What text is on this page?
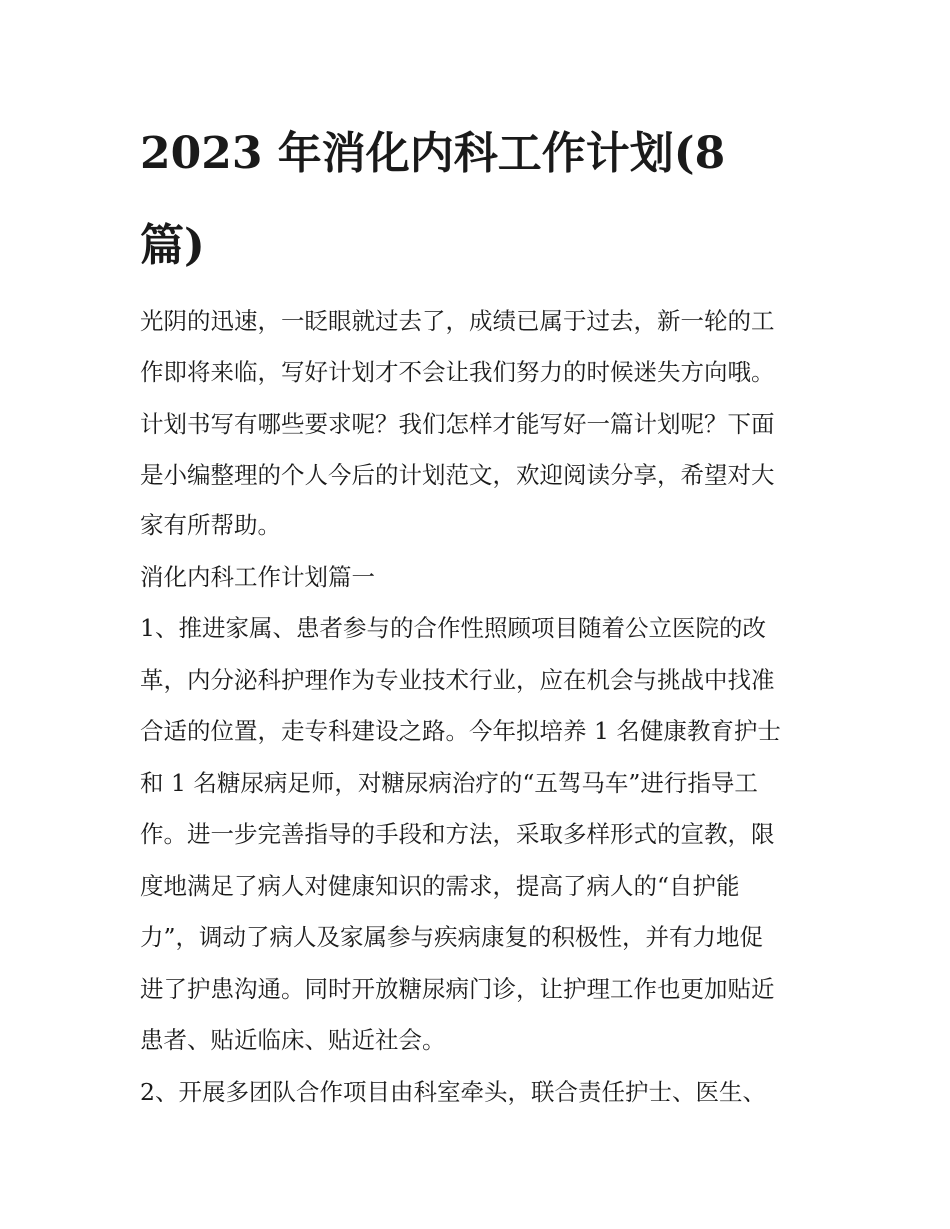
2023 年消化内科工作计划(8
篇)

光阴的迅速，一眨眼就过去了，成绩已属于过去，新一轮的工

作即将来临，写好计划才不会让我们努力的时候迷失方向哦。

计划书写有哪些要求呢？我们怎样才能写好一篇计划呢？下面

是小编整理的个人今后的计划范文，欢迎阅读分享，希望对大

家有所帮助。

消化内科工作计划篇一

1、推进家属、患者参与的合作性照顾项目随着公立医院的改

革，内分泌科护理作为专业技术行业，应在机会与挑战中找准

合适的位置，走专科建设之路。今年拟培养 1 名健康教育护士

和 1 名糖尿病足师，对糖尿病治疗的“五驾马车”进行指导工

作。进一步完善指导的手段和方法，采取多样形式的宣教，限

度地满足了病人对健康知识的需求，提高了病人的“自护能

力”，调动了病人及家属参与疾病康复的积极性，并有力地促

进了护患沟通。同时开放糖尿病门诊，让护理工作也更加贴近

患者、贴近临床、贴近社会。

2、开展多团队合作项目由科室牵头，联合责任护士、医生、
